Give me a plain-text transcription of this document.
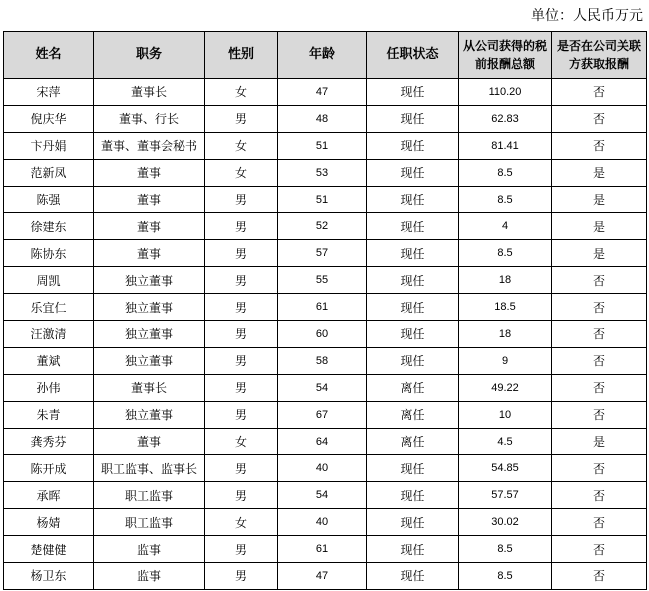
单位：人民币万元
姓名	职务	性别	年龄	任职状态	从公司获得的税前报酬总额	是否在公司关联方获取报酬
宋萍	董事长	女	47	现任	110.20	否
倪庆华	董事、行长	男	48	现任	62.83	否
卞丹娟	董事、董事会秘书	女	51	现任	81.41	否
范新凤	董事	女	53	现任	8.5	是
陈强	董事	男	51	现任	8.5	是
徐建东	董事	男	52	现任	4	是
陈协东	董事	男	57	现任	8.5	是
周凯	独立董事	男	55	现任	18	否
乐宜仁	独立董事	男	61	现任	18.5	否
汪激清	独立董事	男	60	现任	18	否
董斌	独立董事	男	58	现任	9	否
孙伟	董事长	男	54	离任	49.22	否
朱青	独立董事	男	67	离任	10	否
龚秀芬	董事	女	64	离任	4.5	是
陈开成	职工监事、监事长	男	40	现任	54.85	否
承晖	职工监事	男	54	现任	57.57	否
杨婧	职工监事	女	40	现任	30.02	否
楚健健	监事	男	61	现任	8.5	否
杨卫东	监事	男	47	现任	8.5	否
